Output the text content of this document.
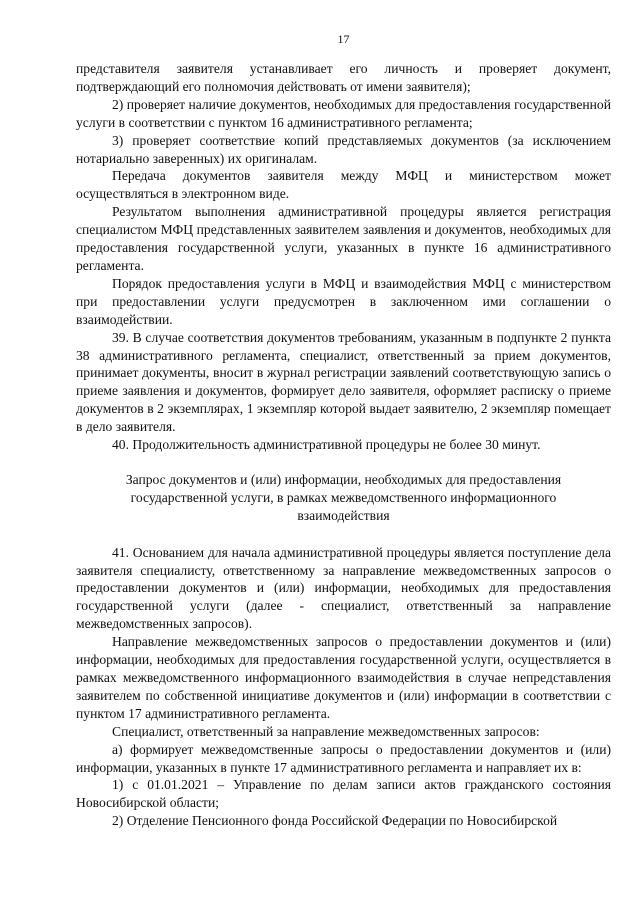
17

представителя заявителя устанавливает его личность и проверяет документ, подтверждающий его полномочия действовать от имени заявителя);

2) проверяет наличие документов, необходимых для предоставления государственной услуги в соответствии с пунктом 16 административного регламента;

3) проверяет соответствие копий представляемых документов (за исключением нотариально заверенных) их оригиналам.

Передача документов заявителя между МФЦ и министерством может осуществляться в электронном виде.

Результатом выполнения административной процедуры является регистрация специалистом МФЦ представленных заявителем заявления и документов, необходимых для предоставления государственной услуги, указанных в пункте 16 административного регламента.

Порядок предоставления услуги в МФЦ и взаимодействия МФЦ с министерством при предоставлении услуги предусмотрен в заключенном ими соглашении о взаимодействии.

39. В случае соответствия документов требованиям, указанным в подпункте 2 пункта 38 административного регламента, специалист, ответственный за прием документов, принимает документы, вносит в журнал регистрации заявлений соответствующую запись о приеме заявления и документов, формирует дело заявителя, оформляет расписку о приеме документов в 2 экземплярах, 1 экземпляр которой выдает заявителю, 2 экземпляр помещает в дело заявителя.

40. Продолжительность административной процедуры не более 30 минут.

Запрос документов и (или) информации, необходимых для предоставления государственной услуги, в рамках межведомственного информационного взаимодействия

41. Основанием для начала административной процедуры является поступление дела заявителя специалисту, ответственному за направление межведомственных запросов о предоставлении документов и (или) информации, необходимых для предоставления государственной услуги (далее - специалист, ответственный за направление межведомственных запросов).

Направление межведомственных запросов о предоставлении документов и (или) информации, необходимых для предоставления государственной услуги, осуществляется в рамках межведомственного информационного взаимодействия в случае непредставления заявителем по собственной инициативе документов и (или) информации в соответствии с пунктом 17 административного регламента.

Специалист, ответственный за направление межведомственных запросов:

а) формирует межведомственные запросы о предоставлении документов и (или) информации, указанных в пункте 17 административного регламента и направляет их в:

1) с 01.01.2021 – Управление по делам записи актов гражданского состояния Новосибирской области;

2) Отделение Пенсионного фонда Российской Федерации по Новосибирской
